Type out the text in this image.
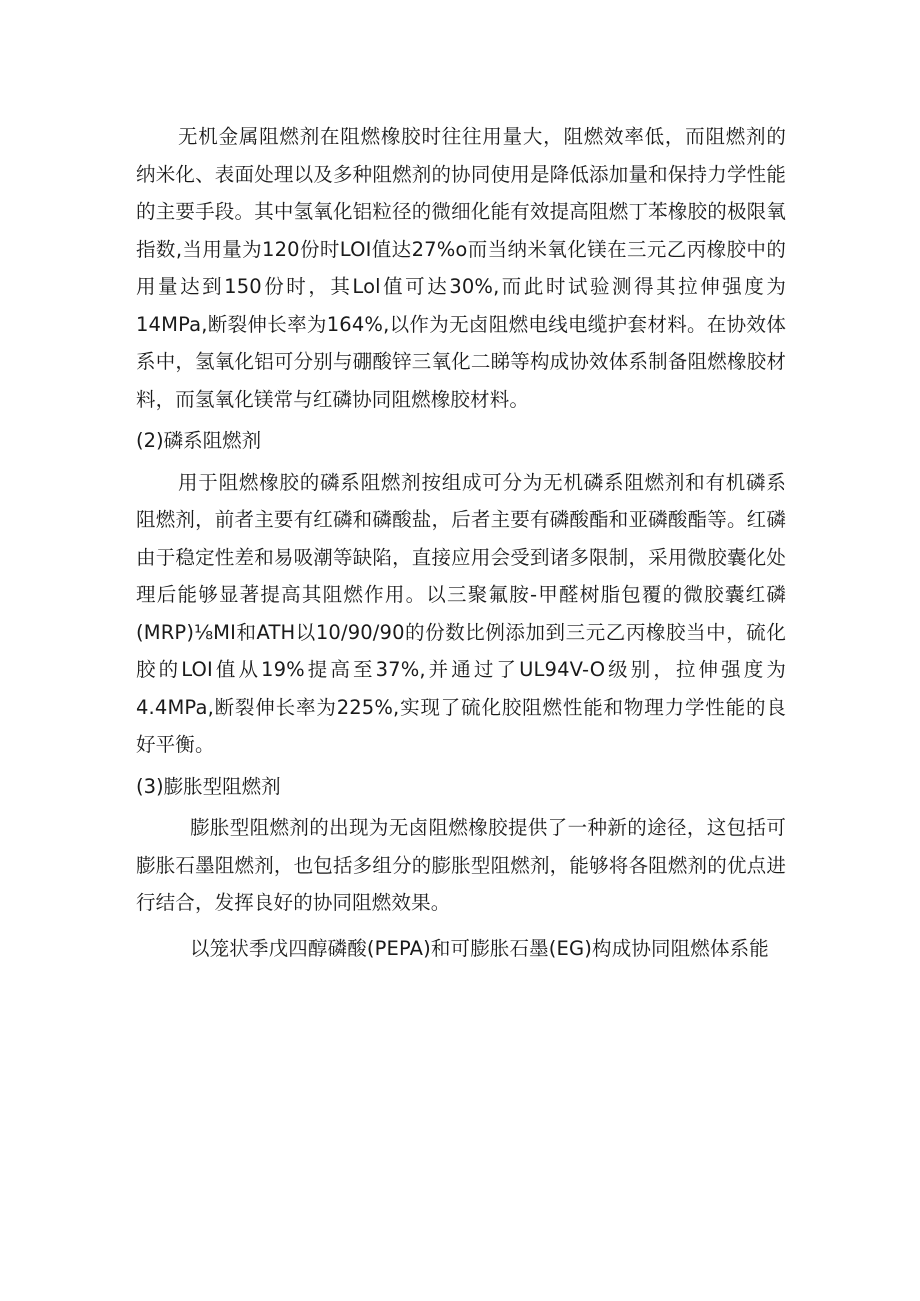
无机金属阻燃剂在阻燃橡胶时往往用量大，阻燃效率低，而阻燃剂的纳米化、表面处理以及多种阻燃剂的协同使用是降低添加量和保持力学性能的主要手段。其中氢氧化铝粒径的微细化能有效提高阻燃丁苯橡胶的极限氧指数,当用量为120份时LOI值达27%o而当纳米氧化镁在三元乙丙橡胶中的用量达到150份时，其Lol值可达30%,而此时试验测得其拉伸强度为14MPa,断裂伸长率为164%,以作为无卤阻燃电线电缆护套材料。在协效体系中，氢氧化铝可分别与硼酸锌三氧化二睇等构成协效体系制备阻燃橡胶材料，而氢氧化镁常与红磷协同阻燃橡胶材料。

(2)磷系阻燃剂

用于阻燃橡胶的磷系阻燃剂按组成可分为无机磷系阻燃剂和有机磷系阻燃剂，前者主要有红磷和磷酸盐，后者主要有磷酸酯和亚磷酸酯等。红磷由于稳定性差和易吸潮等缺陷，直接应用会受到诸多限制，采用微胶囊化处理后能够显著提高其阻燃作用。以三聚氟胺-甲醛树脂包覆的微胶囊红磷(MRP)⅛MI和ATH以10/90/90的份数比例添加到三元乙丙橡胶当中，硫化胶的LOI值从19%提高至37%,并通过了UL94V-O级别，拉伸强度为4.4MPa,断裂伸长率为225%,实现了硫化胶阻燃性能和物理力学性能的良好平衡。

(3)膨胀型阻燃剂

膨胀型阻燃剂的出现为无卤阻燃橡胶提供了一种新的途径，这包括可膨胀石墨阻燃剂，也包括多组分的膨胀型阻燃剂，能够将各阻燃剂的优点进行结合，发挥良好的协同阻燃效果。

以笼状季戊四醇磷酸(PEPA)和可膨胀石墨(EG)构成协同阻燃体系能
